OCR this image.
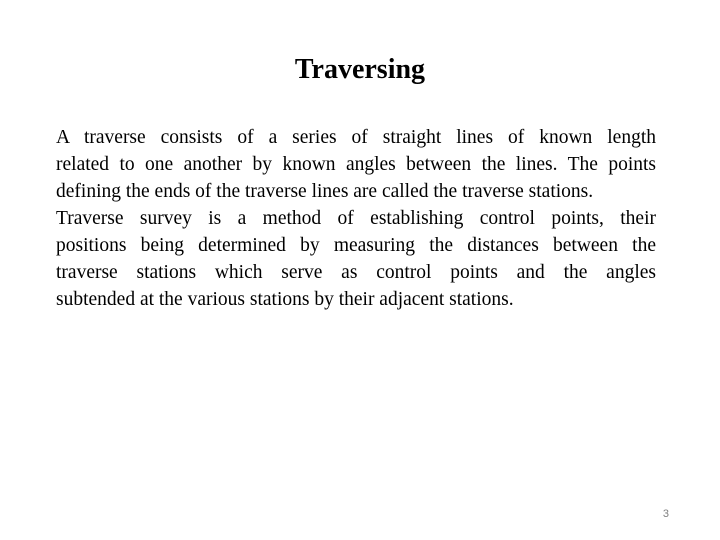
Traversing

A traverse consists of a series of straight lines of known length

related to one another by known angles between the lines. The points

defining the ends of the traverse lines are called the traverse stations.

Traverse survey is a method of establishing control points, their

positions being determined by measuring the distances between the

traverse stations which serve as control points and the angles

subtended at the various stations by their adjacent stations.

3
